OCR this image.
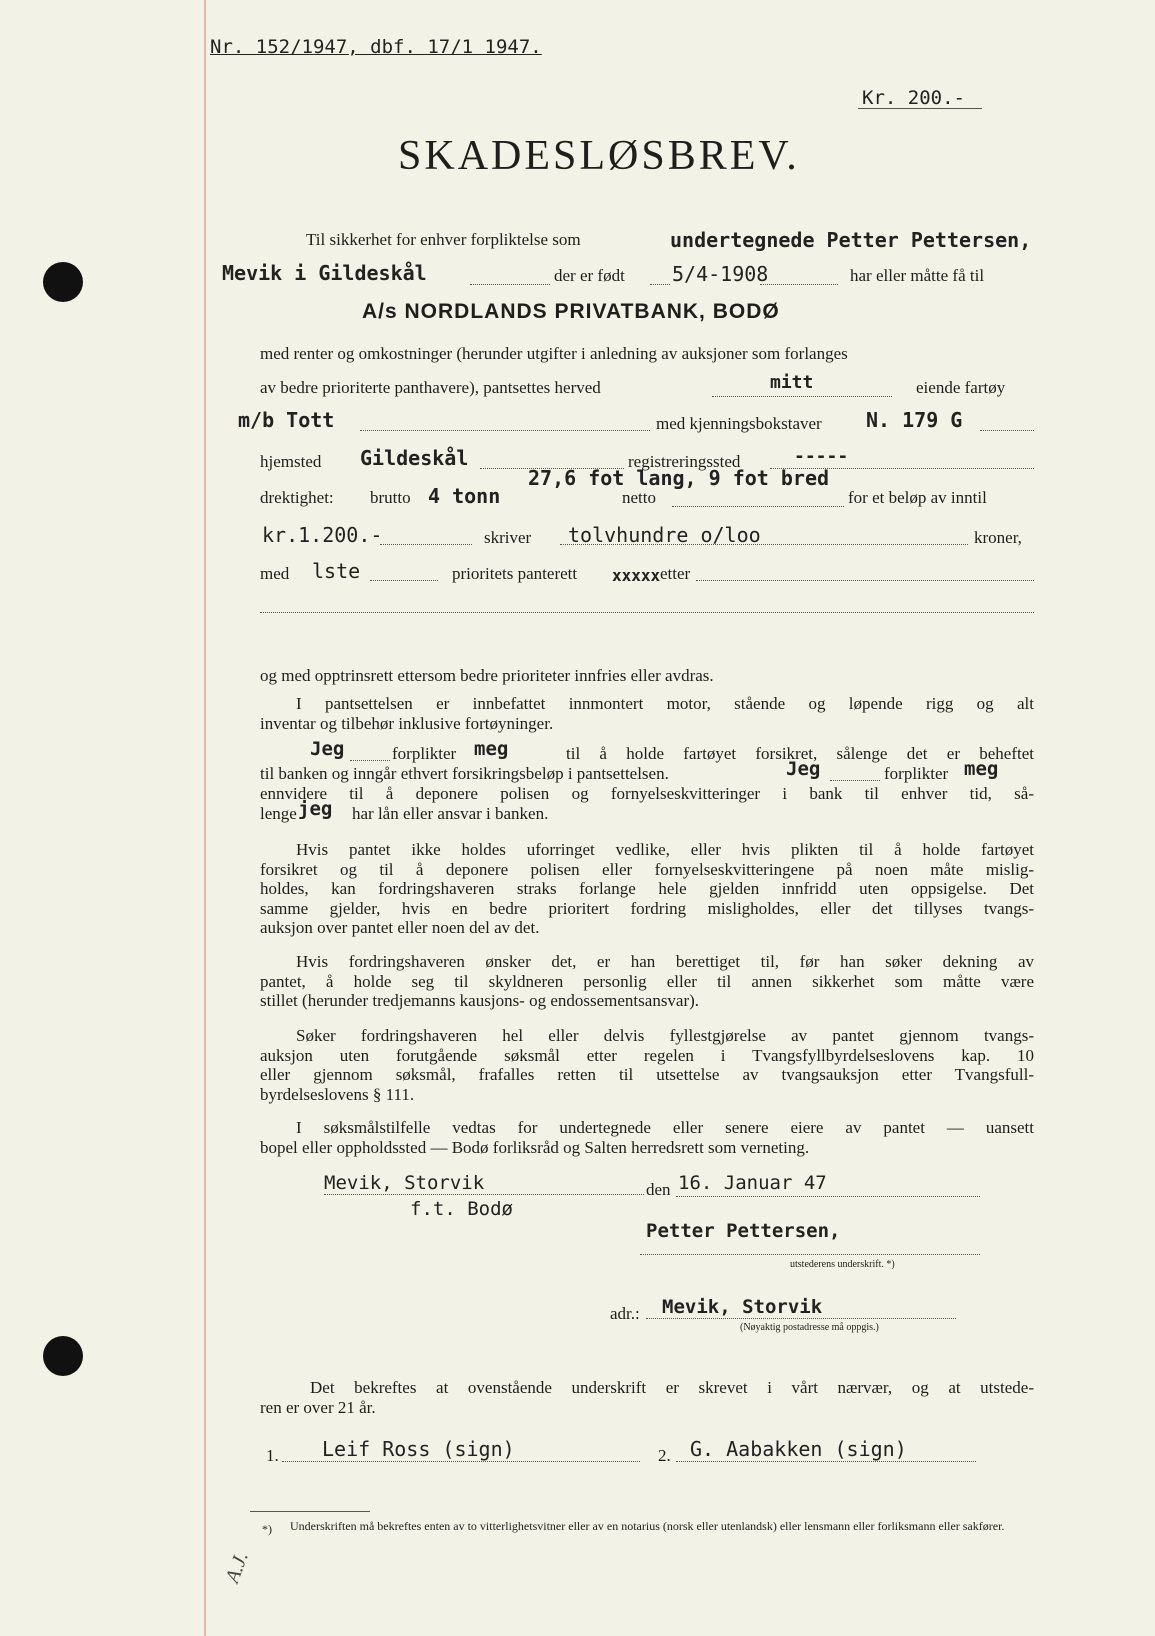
Nr. 152/1947, dbf. 17/1 1947.
Kr. 200.-
SKADESLØSBREV.
Til sikkerhet for enhver forpliktelse som	undertegnede Petter Pettersen,
Mevik i Gildeskål	der er født 5/4-1908	har eller måtte få til
A/s NORDLANDS PRIVATBANK, BODØ
med renter og omkostninger (herunder utgifter i anledning av auksjoner som forlanges
av bedre prioriterte panthavere), pantsettes herved	mitt	eiende fartøy
m/b Tott	med kjenningsbokstaver N. 179 G
hjemsted Gildeskål	registreringssted	-----
drektighet: brutto 4 tonn
27,6 fot lang, 9 fot bred
netto	for et beløp av inntil
kr.1.200.-	skriver tolvhundre o/loo	kroner,
med lste	prioritets panterett xxxxx etter
og med opptrinsrett ettersom bedre prioriteter innfries eller avdras.
I pantsettelsen er innbefattet innmontert motor, stående og løpende rigg og alt
inventar og tilbehør inklusive fortøyninger.
Jeg	forplikter meg	til å holde fartøyet forsikret, sålenge det er beheftet
til banken og inngår ethvert forsikringsbeløp i pantsettelsen.	Jeg	forplikter meg
ennvidere til å deponere polisen og fornyelseskvitteringer i bank til enhver tid, så-
lenge jeg har lån eller ansvar i banken.
Hvis pantet ikke holdes uforringet vedlike, eller hvis plikten til å holde fartøyet
forsikret og til å deponere polisen eller fornyelseskvitteringene på noen måte mislig-
holdes, kan fordringshaveren straks forlange hele gjelden innfridd uten oppsigelse. Det
samme gjelder, hvis en bedre prioritert fordring misligholdes, eller det tillyses tvangs-
auksjon over pantet eller noen del av det.
Hvis fordringshaveren ønsker det, er han berettiget til, før han søker dekning av
pantet, å holde seg til skyldneren personlig eller til annen sikkerhet som måtte være
stillet (herunder tredjemanns kausjons- og endossementsansvar).
Søker fordringshaveren hel eller delvis fyllestgjørelse av pantet gjennom tvangs-
auksjon uten forutgående søksmål etter regelen i Tvangsfyllbyrdelseslovens kap. 10
eller gjennom søksmål, frafalles retten til utsettelse av tvangsauksjon etter Tvangsfull-
byrdelseslovens § 111.
I søksmålstilfelle vedtas for undertegnede eller senere eiere av pantet — uansett
bopel eller oppholdssted — Bodø forliksråd og Salten herredsrett som verneting.
Mevik, Storvik
f.t. Bodø
den 16. Januar 47
Petter Pettersen,
utstederens underskrift. *)
adr.: Mevik, Storvik
(Nøyaktig postadresse må oppgis.)
Det bekreftes at ovenstående underskrift er skrevet i vårt nærvær, og at utstede-
ren er over 21 år.
1. Leif Ross (sign)	2. G. Aabakken (sign)
*) Underskriften må bekreftes enten av to vitterlighetsvitner eller av en notarius (norsk eller utenlandsk) eller lensmann eller forliksmann eller sakfører.
A.J.
